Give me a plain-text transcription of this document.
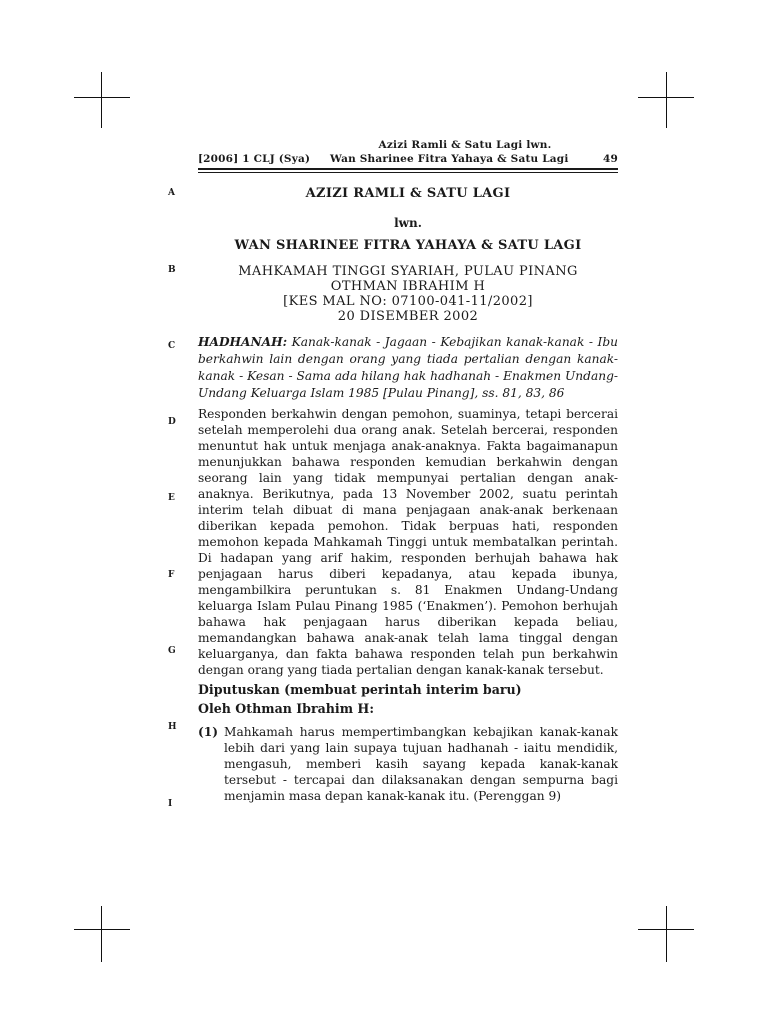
[2006] 1 CLJ (Sya)
Azizi Ramli & Satu Lagi lwn.
Wan Sharinee Fitra Yahaya & Satu Lagi	49
A
B
C
D
E
F
G
H
I
AZIZI RAMLI & SATU LAGI
lwn.
WAN SHARINEE FITRA YAHAYA & SATU LAGI
MAHKAMAH TINGGI SYARIAH, PULAU PINANG
OTHMAN IBRAHIM H
[KES MAL NO: 07100-041-11/2002]
20 DISEMBER 2002
HADHANAH: Kanak-kanak - Jagaan - Kebajikan kanak-kanak - Ibu berkahwin lain dengan orang yang tiada pertalian dengan kanak-kanak - Kesan - Sama ada hilang hak hadhanah - Enakmen Undang-Undang Keluarga Islam 1985 [Pulau Pinang], ss. 81, 83, 86
Responden berkahwin dengan pemohon, suaminya, tetapi bercerai setelah memperolehi dua orang anak. Setelah bercerai, responden menuntut hak untuk menjaga anak-anaknya. Fakta bagaimanapun menunjukkan bahawa responden kemudian berkahwin dengan seorang lain yang tidak mempunyai pertalian dengan anak-anaknya. Berikutnya, pada 13 November 2002, suatu perintah interim telah dibuat di mana penjagaan anak-anak berkenaan diberikan kepada pemohon. Tidak berpuas hati, responden memohon kepada Mahkamah Tinggi untuk membatalkan perintah. Di hadapan yang arif hakim, responden berhujah bahawa hak penjagaan harus diberi kepadanya, atau kepada ibunya, mengambilkira peruntukan s. 81 Enakmen Undang-Undang keluarga Islam Pulau Pinang 1985 (‘Enakmen’). Pemohon berhujah bahawa hak penjagaan harus diberikan kepada beliau, memandangkan bahawa anak-anak telah lama tinggal dengan keluarganya, dan fakta bahawa responden telah pun berkahwin dengan orang yang tiada pertalian dengan kanak-kanak tersebut.
Diputuskan (membuat perintah interim baru)
Oleh Othman Ibrahim H:
(1) Mahkamah harus mempertimbangkan kebajikan kanak-kanak lebih dari yang lain supaya tujuan hadhanah - iaitu mendidik, mengasuh, memberi kasih sayang kepada kanak-kanak tersebut - tercapai dan dilaksanakan dengan sempurna bagi menjamin masa depan kanak-kanak itu. (Perenggan 9)
